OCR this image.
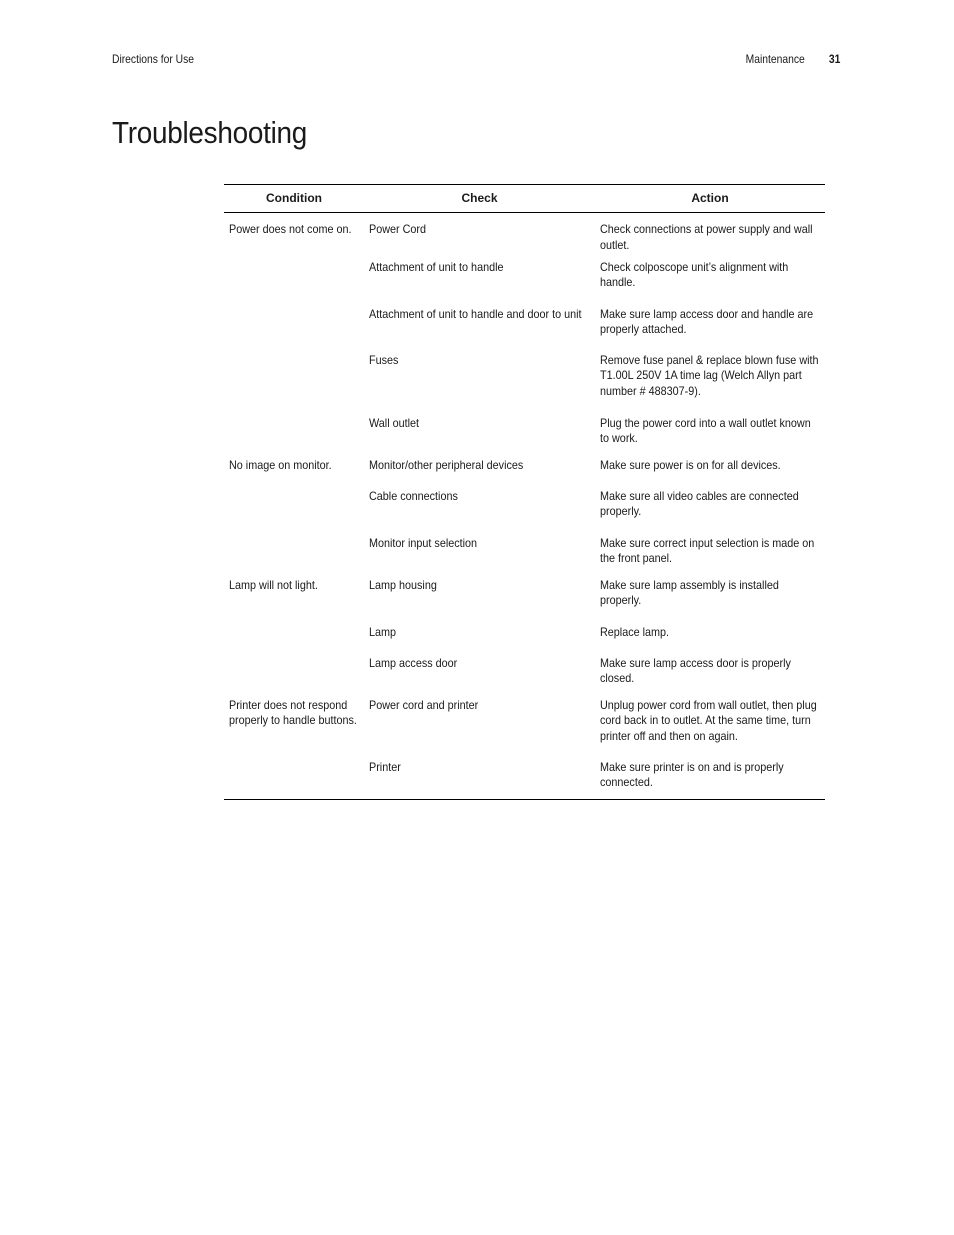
Directions for Use	Maintenance 31
Troubleshooting
Condition	Check	Action

Power does not come on.	Power Cord	Check connections at power supply and wall outlet.

	Attachment of unit to handle	Check colposcope unit’s alignment with handle.

	Attachment of unit to handle and door to unit	Make sure lamp access door and handle are properly attached.

	Fuses	Remove fuse panel & replace blown fuse with T1.00L 250V 1A time lag (Welch Allyn part number # 488307-9).

	Wall outlet	Plug the power cord into a wall outlet known to work.

No image on monitor.	Monitor/other peripheral devices	Make sure power is on for all devices.

	Cable connections	Make sure all video cables are connected properly.

	Monitor input selection	Make sure correct input selection is made on the front panel.

Lamp will not light.	Lamp housing	Make sure lamp assembly is installed properly.

	Lamp	Replace lamp.

	Lamp access door	Make sure lamp access door is properly closed.

Printer does not respond properly to handle buttons.	Power cord and printer	Unplug power cord from wall outlet, then plug cord back in to outlet. At the same time, turn printer off and then on again.

	Printer	Make sure printer is on and is properly connected.
